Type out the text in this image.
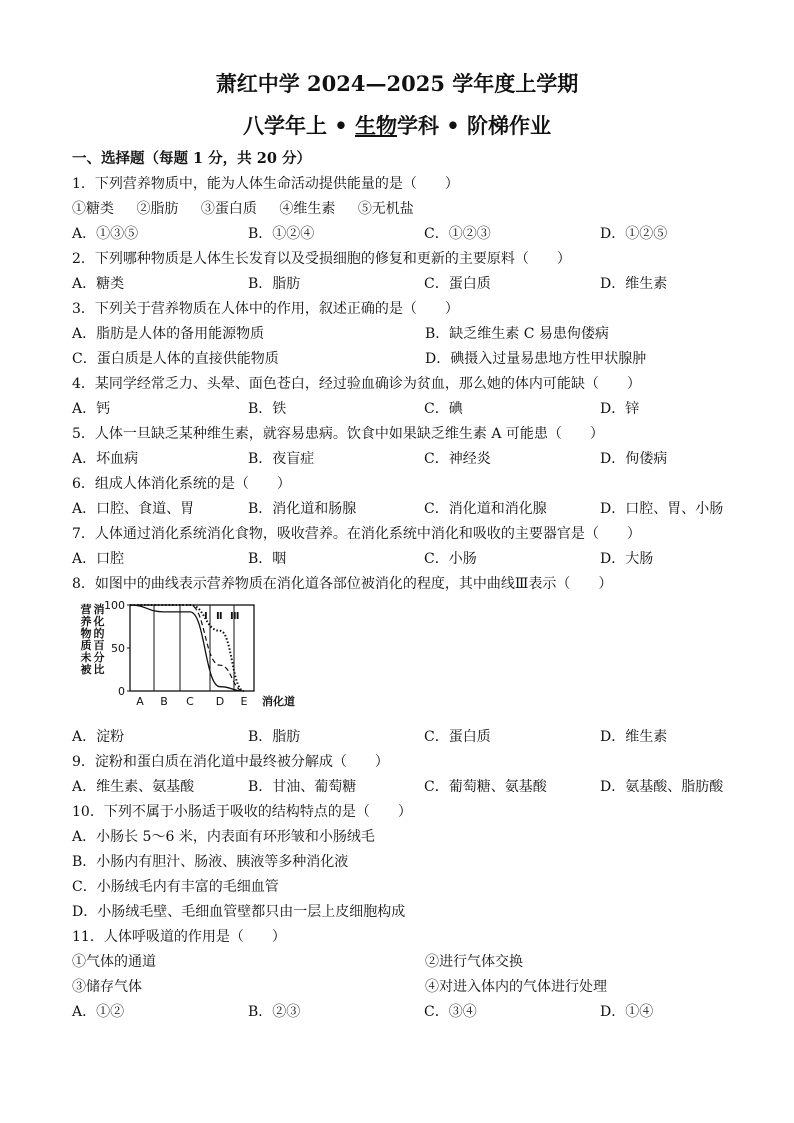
萧红中学 2024—2025 学年度上学期
八学年上 • 生物学科 • 阶梯作业
一、选择题（每题 1 分，共 20 分）
1．下列营养物质中，能为人体生命活动提供能量的是（　　）
①糖类 ②脂肪 ③蛋白质 ④维生素 ⑤无机盐
A．①③⑤	B．①②④	C．①②③	D．①②⑤
2．下列哪种物质是人体生长发育以及受损细胞的修复和更新的主要原料（　　）
A．糖类	B．脂肪	C．蛋白质	D．维生素
3．下列关于营养物质在人体中的作用，叙述正确的是（　　）
A．脂肪是人体的备用能源物质	B．缺乏维生素 C 易患佝偻病
C．蛋白质是人体的直接供能物质	D．碘摄入过量易患地方性甲状腺肿
4．某同学经常乏力、头晕、面色苍白，经过验血确诊为贫血，那么她的体内可能缺（　　）
A．钙	B．铁	C．碘	D．锌
5．人体一旦缺乏某种维生素，就容易患病。饮食中如果缺乏维生素 A 可能患（　　）
A．坏血病	B．夜盲症	C．神经炎	D．佝偻病
6．组成人体消化系统的是（　　）
A．口腔、食道、胃	B．消化道和肠腺	C．消化道和消化腺	D．口腔、胃、小肠
7．人体通过消化系统消化食物，吸收营养。在消化系统中消化和吸收的主要器官是（　　）
A．口腔	B．咽	C．小肠	D．大肠
8．如图中的曲线表示营养物质在消化道各部位被消化的程度，其中曲线Ⅲ表示（　　）
营
养
物
质
未
被
消
化
的
百
分
比
0
50
100
A B C D E 消化道
Ⅰ Ⅱ Ⅲ
A．淀粉	B．脂肪	C．蛋白质	D．维生素
9．淀粉和蛋白质在消化道中最终被分解成（　　）
A．维生素、氨基酸	B．甘油、葡萄糖	C．葡萄糖、氨基酸	D．氨基酸、脂肪酸
10．下列不属于小肠适于吸收的结构特点的是（　　）
A．小肠长 5～6 米，内表面有环形皱和小肠绒毛
B．小肠内有胆汁、肠液、胰液等多种消化液
C．小肠绒毛内有丰富的毛细血管
D．小肠绒毛壁、毛细血管壁都只由一层上皮细胞构成
11．人体呼吸道的作用是（　　）
①气体的通道	②进行气体交换
③储存气体	④对进入体内的气体进行处理
A．①②	B．②③	C．③④	D．①④
